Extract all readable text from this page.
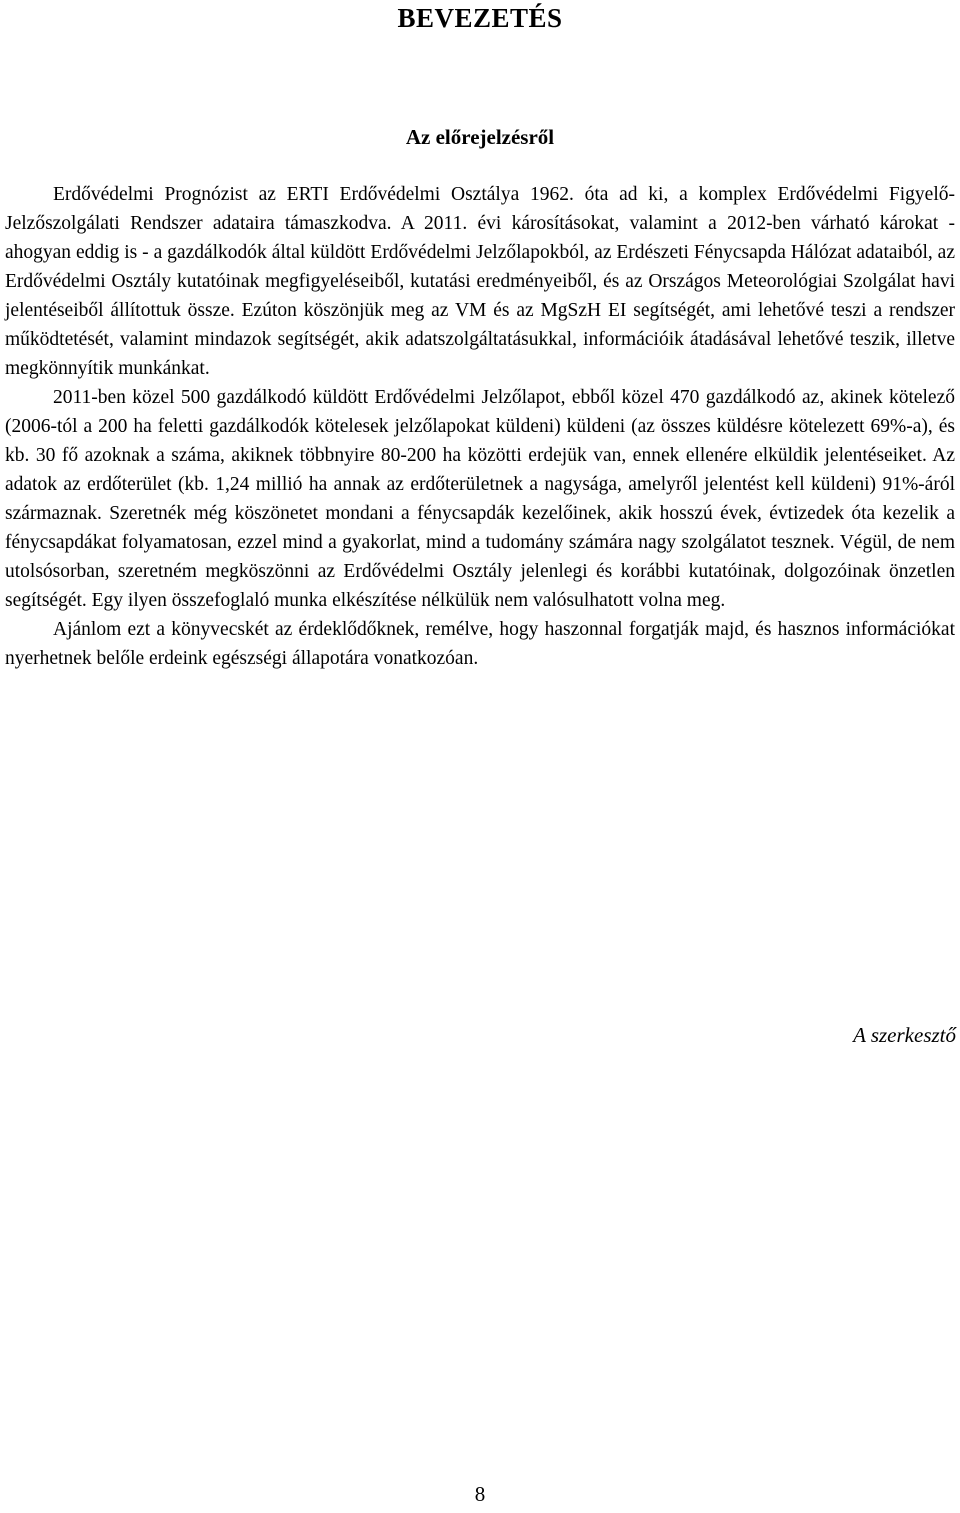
BEVEZETÉS
Az előrejelzésről

Erdővédelmi Prognózist az ERTI Erdővédelmi Osztálya 1962. óta ad ki, a komplex Erdővédelmi Figyelő-Jelzőszolgálati Rendszer adataira támaszkodva. A 2011. évi károsításokat, valamint a 2012-ben várható károkat - ahogyan eddig is - a gazdálkodók által küldött Erdővédelmi Jelzőlapokból, az Erdészeti Fénycsapda Hálózat adataiból, az Erdővédelmi Osztály kutatóinak megfigyeléseiből, kutatási eredményeiből, és az Országos Meteorológiai Szolgálat havi jelentéseiből állítottuk össze. Ezúton köszönjük meg az VM és az MgSzH EI segítségét, ami lehetővé teszi a rendszer működtetését, valamint mindazok segítségét, akik adatszolgáltatásukkal, információik átadásával lehetővé teszik, illetve megkönnyítik munkánkat.

2011-ben közel 500 gazdálkodó küldött Erdővédelmi Jelzőlapot, ebből közel 470 gazdálkodó az, akinek kötelező (2006-tól a 200 ha feletti gazdálkodók kötelesek jelzőlapokat küldeni) küldeni (az összes küldésre kötelezett 69%-a), és kb. 30 fő azoknak a száma, akiknek többnyire 80-200 ha közötti erdejük van, ennek ellenére elküldik jelentéseiket. Az adatok az erdőterület (kb. 1,24 millió ha annak az erdőterületnek a nagysága, amelyről jelentést kell küldeni) 91%-áról származnak. Szeretnék még köszönetet mondani a fénycsapdák kezelőinek, akik hosszú évek, évtizedek óta kezelik a fénycsapdákat folyamatosan, ezzel mind a gyakorlat, mind a tudomány számára nagy szolgálatot tesznek. Végül, de nem utolsósorban, szeretném megköszönni az Erdővédelmi Osztály jelenlegi és korábbi kutatóinak, dolgozóinak önzetlen segítségét. Egy ilyen összefoglaló munka elkészítése nélkülük nem valósulhatott volna meg.

Ajánlom ezt a könyvecskét az érdeklődőknek, remélve, hogy haszonnal forgatják majd, és hasznos információkat nyerhetnek belőle erdeink egészségi állapotára vonatkozóan.

A szerkesztő
8
